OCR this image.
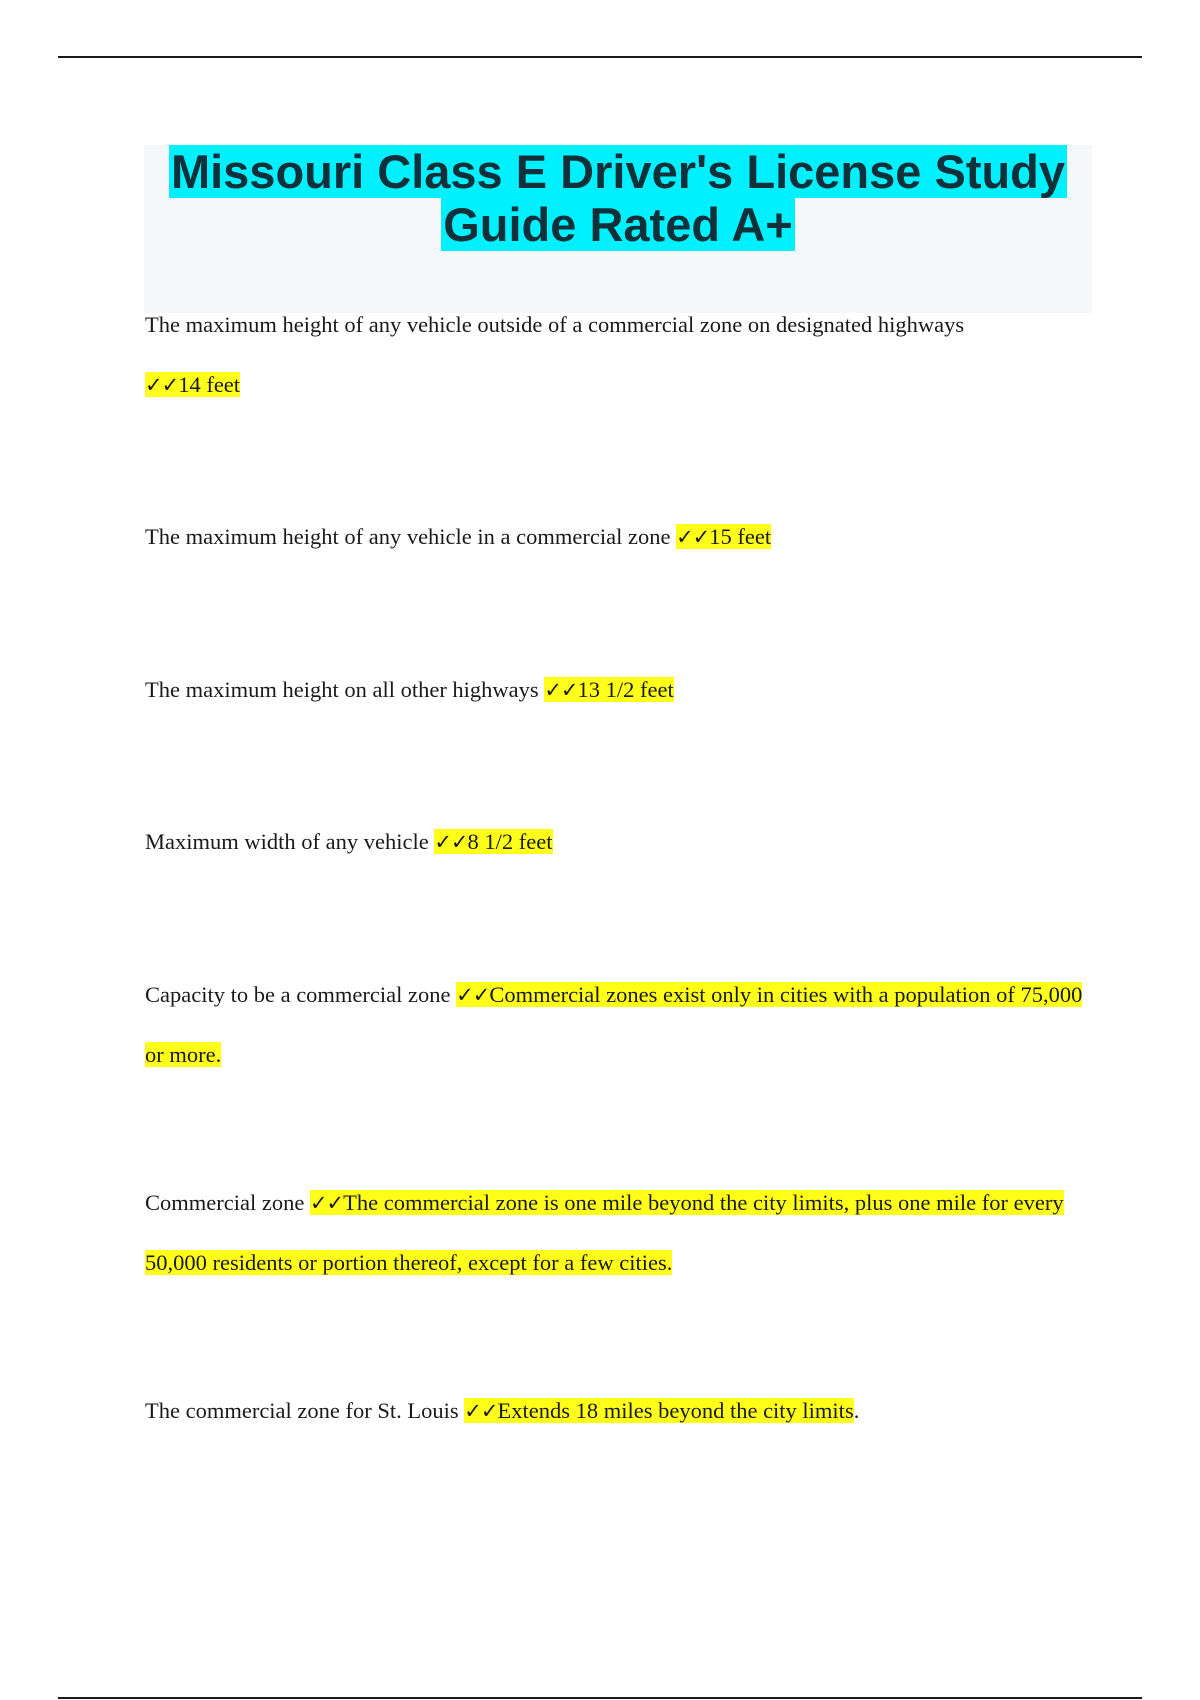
Missouri Class E Driver's License Study
Guide Rated A+

The maximum height of any vehicle outside of a commercial zone on designated highways
✓✓14 feet

The maximum height of any vehicle in a commercial zone ✓✓15 feet

The maximum height on all other highways ✓✓13 1/2 feet

Maximum width of any vehicle ✓✓8 1/2 feet

Capacity to be a commercial zone ✓✓Commercial zones exist only in cities with a population of 75,000 or more.

Commercial zone ✓✓The commercial zone is one mile beyond the city limits, plus one mile for every 50,000 residents or portion thereof, except for a few cities.

The commercial zone for St. Louis ✓✓Extends 18 miles beyond the city limits.
